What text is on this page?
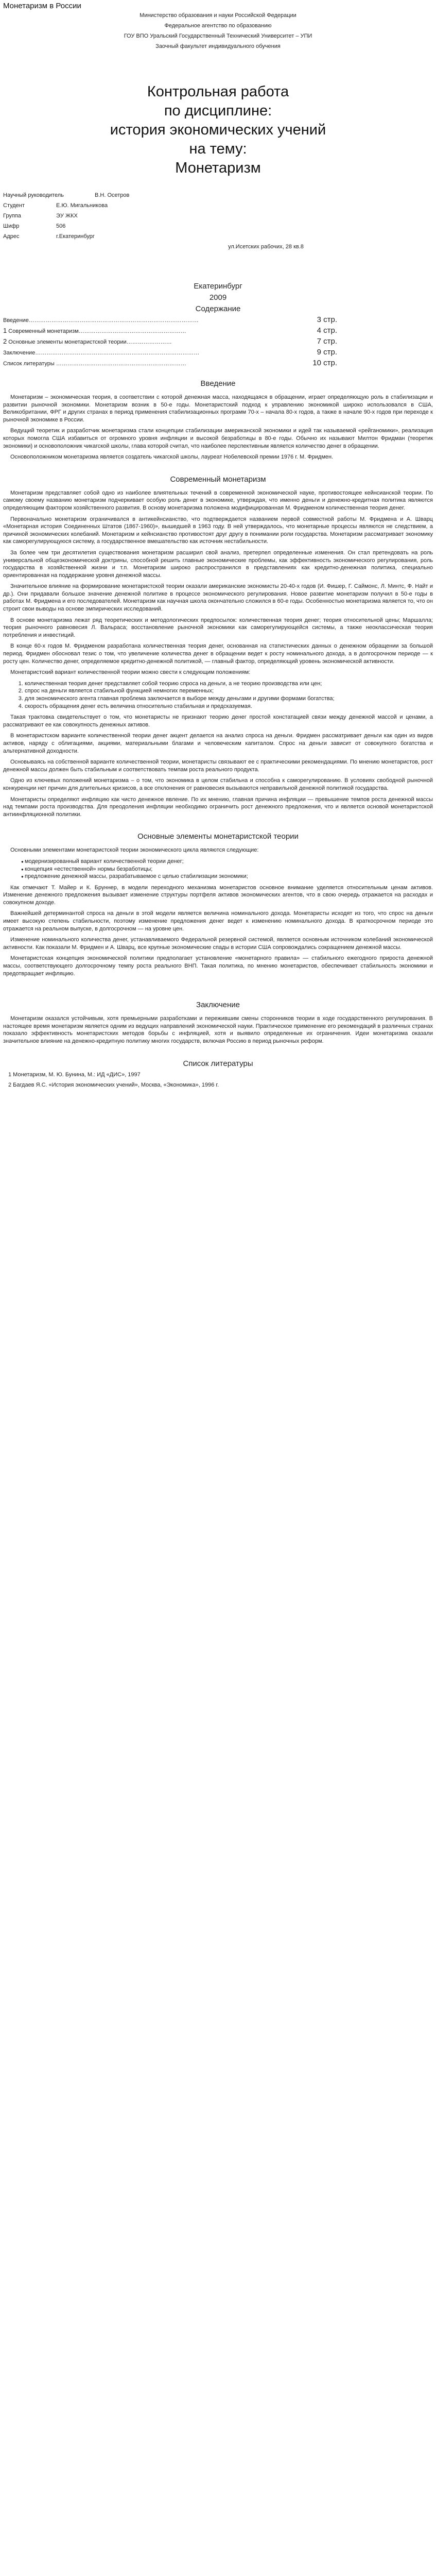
Монетаризм в России

Министерство образования и науки Российской Федерации

Федеральное агентство по образованию

ГОУ ВПО Уральский Государственный Технический Университет – УПИ

Заочный факультет индивидуального обучения

Контрольная работа

по дисциплине:

история экономических учений

на тему:

Монетаризм

Научный руководитель	В.Н. Осетров
Студент	Е.Ю. Мигальникова
Группа	ЭУ ЖКХ
Шифр	506
Адрес	г.Екатеринбург
ул.Исетских рабочих, 28 кв.8
Екатеринбург
2009
Содержание
Введение………………………………………………………………………………	3 стр.
1 Современный монетаризм…………………………………………………	4 стр.
2 Основные элементы монетаристской теории……………………	7 стр.
Заключение……………………………………………………………………………	9 стр.
Список литературы ……………………………………………………………	10 стр.
Введение

Монетаризм – экономическая теория, в соответствии с которой денежная масса, находящаяся в обращении, играет определяющую роль в стабилизации и развитии рыночной экономики. Монетаризм возник в 50-е годы. Монетаристский подход к управлению экономикой широко использовался в США, Великобритании, ФРГ и других странах в период применения стабилизационных программ 70-х – начала 80-х годов, а также в начале 90-х годов при переходе к рыночной экономике в России.

Ведущий теоретик и разработчик монетаризма стали концепции стабилизации американской экономики и идей так называемой «рейганомики», реализация которых помогла США избавиться от огромного уровня инфляции и высокой безработицы в 80-е годы. Обычно их называют Милтон Фридман (теоретик экономики) и основоположник чикагской школы, глава которой считал, что наиболее перспективным является количество денег в обращении.

Основоположником монетаризма является создатель чикагской школы, лауреат Нобелевской премии 1976 г. М. Фридмен.

Современный монетаризм

Монетаризм представляет собой одно из наиболее влиятельных течений в современной экономической науке, противостоящее кейнсианской теории. По самому своему названию монетаризм подчеркивает особую роль денег в экономике, утверждая, что именно деньги и денежно-кредитная политика являются определяющим фактором хозяйственного развития. В основу монетаризма положена модифицированная М. Фридменом количественная теория денег.

Первоначально монетаризм ограничивался в антикейнсианство, что подтверждается названием первой совместной работы М. Фридмена и А. Шварц «Монетарная история Соединенных Штатов (1867-1960)», вышедшей в 1963 году. В ней утверждалось, что монетарные процессы являются не следствием, а причиной экономических колебаний. Монетаризм и кейнсианство противостоят друг другу в понимании роли государства. Монетаризм рассматривает экономику как саморегулирующуюся систему, а государственное вмешательство как источник нестабильности.

За более чем три десятилетия существования монетаризм расширил свой анализ, претерпел определенные изменения. Он стал претендовать на роль универсальной общеэкономической доктрины, способной решить главные экономические проблемы, как эффективность экономического регулирования, роль государства в хозяйственной жизни и т.п. Монетаризм широко распространился в представлениях как кредитно-денежная политика, специально ориентированная на поддержание уровня денежной массы.

Значительное влияние на формирование монетаристской теории оказали американские экономисты 20-40-х годов (И. Фишер, Г. Саймонс, Л. Минтс, Ф. Найт и др.). Они придавали большое значение денежной политике в процессе экономического регулирования. Новое развитие монетаризм получил в 50-е годы в работах М. Фридмена и его последователей. Монетаризм как научная школа окончательно сложился в 60-е годы. Особенностью монетаризма является то, что он строит свои выводы на основе эмпирических исследований.

В основе монетаризма лежат ряд теоретических и методологических предпосылок: количественная теория денег; теория относительной цены; Маршалла; теория рыночного равновесия Л. Вальраса; восстановление рыночной экономики как саморегулирующейся системы, а также неоклассическая теория потребления и инвестиций.

В конце 60-х годов М. Фридменом разработана количественная теория денег, основанная на статистических данных о денежном обращении за большой период. Фридмен обосновал тезис о том, что увеличение количества денег в обращении ведет к росту номинального дохода, а в долгосрочном периоде — к росту цен. Количество денег, определяемое кредитно-денежной политикой, — главный фактор, определяющий уровень экономической активности.

Монетаристский вариант количественной теории можно свести к следующим положениям:

1. количественная теория денег представляет собой теорию спроса на деньги, а не теорию производства или цен;
2. спрос на деньги является стабильной функцией немногих переменных;
3. для экономического агента главная проблема заключается в выборе между деньгами и другими формами богатства;
4. скорость обращения денег есть величина относительно стабильная и предсказуемая.

Такая трактовка свидетельствует о том, что монетаристы не признают теорию денег простой констатацией связи между денежной массой и ценами, а рассматривают ее как совокупность денежных активов.

В монетаристском варианте количественной теории денег акцент делается на анализ спроса на деньги. Фридмен рассматривает деньги как один из видов активов, наряду с облигациями, акциями, материальными благами и человеческим капиталом. Спрос на деньги зависит от совокупного богатства и альтернативной доходности.

Основываясь на собственной варианте количественной теории, монетаристы связывают ее с практическими рекомендациями. По мнению монетаристов, рост денежной массы должен быть стабильным и соответствовать темпам роста реального продукта.

Одно из ключевых положений монетаризма – о том, что экономика в целом стабильна и способна к саморегулированию. В условиях свободной рыночной конкуренции нет причин для длительных кризисов, а все отклонения от равновесия вызываются неправильной денежной политикой государства.

Монетаристы определяют инфляцию как чисто денежное явление. По их мнению, главная причина инфляции — превышение темпов роста денежной массы над темпами роста производства. Для преодоления инфляции необходимо ограничить рост денежного предложения, что и является основой монетаристской антиинфляционной политики.

Основные элементы монетаристской теории

Основными элементами монетаристской теории экономического цикла являются следующие:

• модернизированный вариант количественной теории денег;
• концепция «естественной» нормы безработицы;
• предложение денежной массы, разрабатываемое с целью стабилизации экономики;

Как отмечают Т. Майер и К. Бруннер, в модели переходного механизма монетаристов основное внимание уделяется относительным ценам активов. Изменение денежного предложения вызывает изменение структуры портфеля активов экономических агентов, что в свою очередь отражается на расходах и совокупном доходе.

Важнейшей детерминантой спроса на деньги в этой модели является величина номинального дохода. Монетаристы исходят из того, что спрос на деньги имеет высокую степень стабильности, поэтому изменение предложения денег ведет к изменению номинального дохода. В краткосрочном периоде это отражается на реальном выпуске, в долгосрочном — на уровне цен.

Изменение номинального количества денег, устанавливаемого Федеральной резервной системой, является основным источником колебаний экономической активности. Как показали М. Фридмен и А. Шварц, все крупные экономические спады в истории США сопровождались сокращением денежной массы.

Монетаристская концепция экономической политики предполагает установление «монетарного правила» — стабильного ежегодного прироста денежной массы, соответствующего долгосрочному темпу роста реального ВНП. Такая политика, по мнению монетаристов, обеспечивает стабильность экономики и предотвращает инфляцию.

Заключение

Монетаризм оказался устойчивым, хотя премьерными разработками и пережившим смены сторонников теории в ходе государственного регулирования. В настоящее время монетаризм является одним из ведущих направлений экономической науки. Практическое применение его рекомендаций в различных странах показало эффективность монетаристских методов борьбы с инфляцией, хотя и выявило определенные их ограничения. Идеи монетаризма оказали значительное влияние на денежно-кредитную политику многих государств, включая Россию в период рыночных реформ.

Список литературы
1 Монетаризм, М. Ю. Бунина, М.: ИД «ДИС», 1997
2 Багдаев Я.С. «История экономических учений», Москва, «Экономика», 1996 г.
